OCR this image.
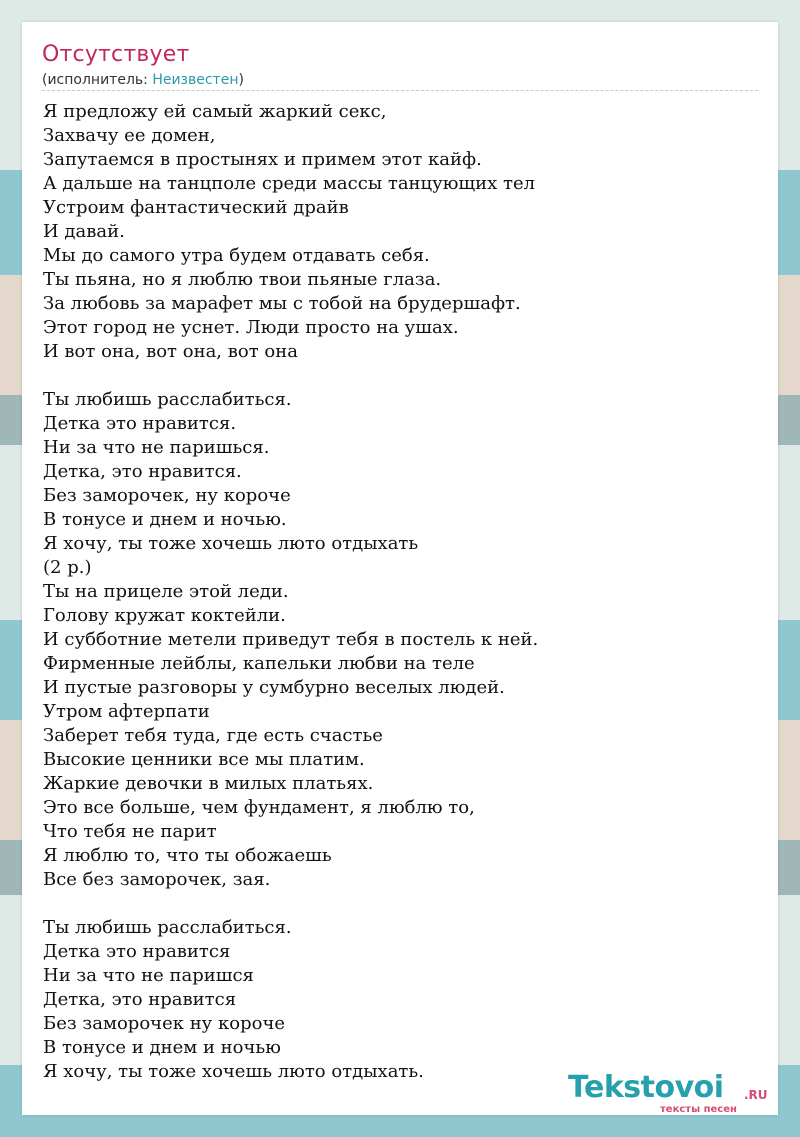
Отсутствует
(исполнитель: Неизвестен)
Я предложу ей самый жаркий секс,
Захвачу ее домен,
Запутаемся в простынях и примем этот кайф.
А дальше на танцполе среди массы танцующих тел
Устроим фантастический драйв
И давай.
Мы до самого утра будем отдавать себя.
Ты пьяна, но я люблю твои пьяные глаза.
За любовь за марафет мы с тобой на брудершафт.
Этот город не уснет. Люди просто на ушах.
И вот она, вот она, вот она
Ты любишь расслабиться.
Детка это нравится.
Ни за что не паришься.
Детка, это нравится.
Без заморочек, ну короче
В тонусе и днем и ночью.
Я хочу, ты тоже хочешь люто отдыхать
(2 р.)
Ты на прицеле этой леди.
Голову кружат коктейли.
И субботние метели приведут тебя в постель к ней.
Фирменные лейблы, капельки любви на теле
И пустые разговоры у сумбурно веселых людей.
Утром афтерпати
Заберет тебя туда, где есть счастье
Высокие ценники все мы платим.
Жаркие девочки в милых платьях.
Это все больше, чем фундамент, я люблю то,
Что тебя не парит
Я люблю то, что ты обожаешь
Все без заморочек, зая.
Ты любишь расслабиться.
Детка это нравится
Ни за что не паришся
Детка, это нравится
Без заморочек ну короче
В тонусе и днем и ночью
Я хочу, ты тоже хочешь люто отдыхать.	Tekstovoi .RU
тексты песен
